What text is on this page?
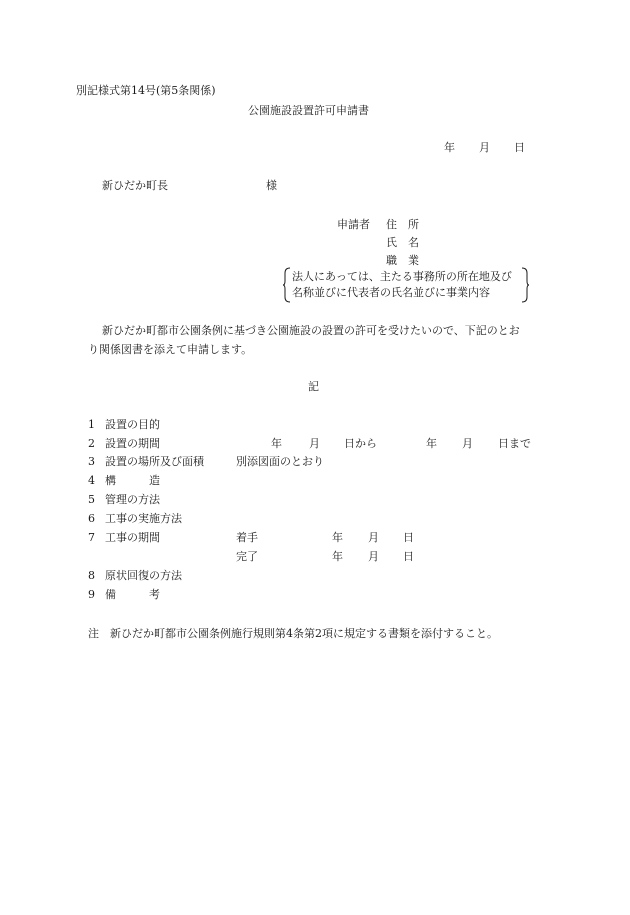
別記様式第14号(第5条関係)
公園施設設置許可申請書
年 月 日
新ひだか町長	様
申請者 住　所
氏　名
職　業
法人にあっては、主たる事務所の所在地及び
名称並びに代表者の氏名並びに事業内容
新ひだか町都市公園条例に基づき公園施設の設置の許可を受けたいので、下記のとお
り関係図書を添えて申請します。
記
1 設置の目的
2 設置の期間	年 月 日から	年 月 日まで
3 設置の場所及び面積	別添図面のとおり
4 構　　　造
5 管理の方法
6 工事の実施方法
7 工事の期間	着手	年 月 日
完了	年 月 日
8 原状回復の方法
9 備　　　考
注　新ひだか町都市公園条例施行規則第4条第2項に規定する書類を添付すること。
